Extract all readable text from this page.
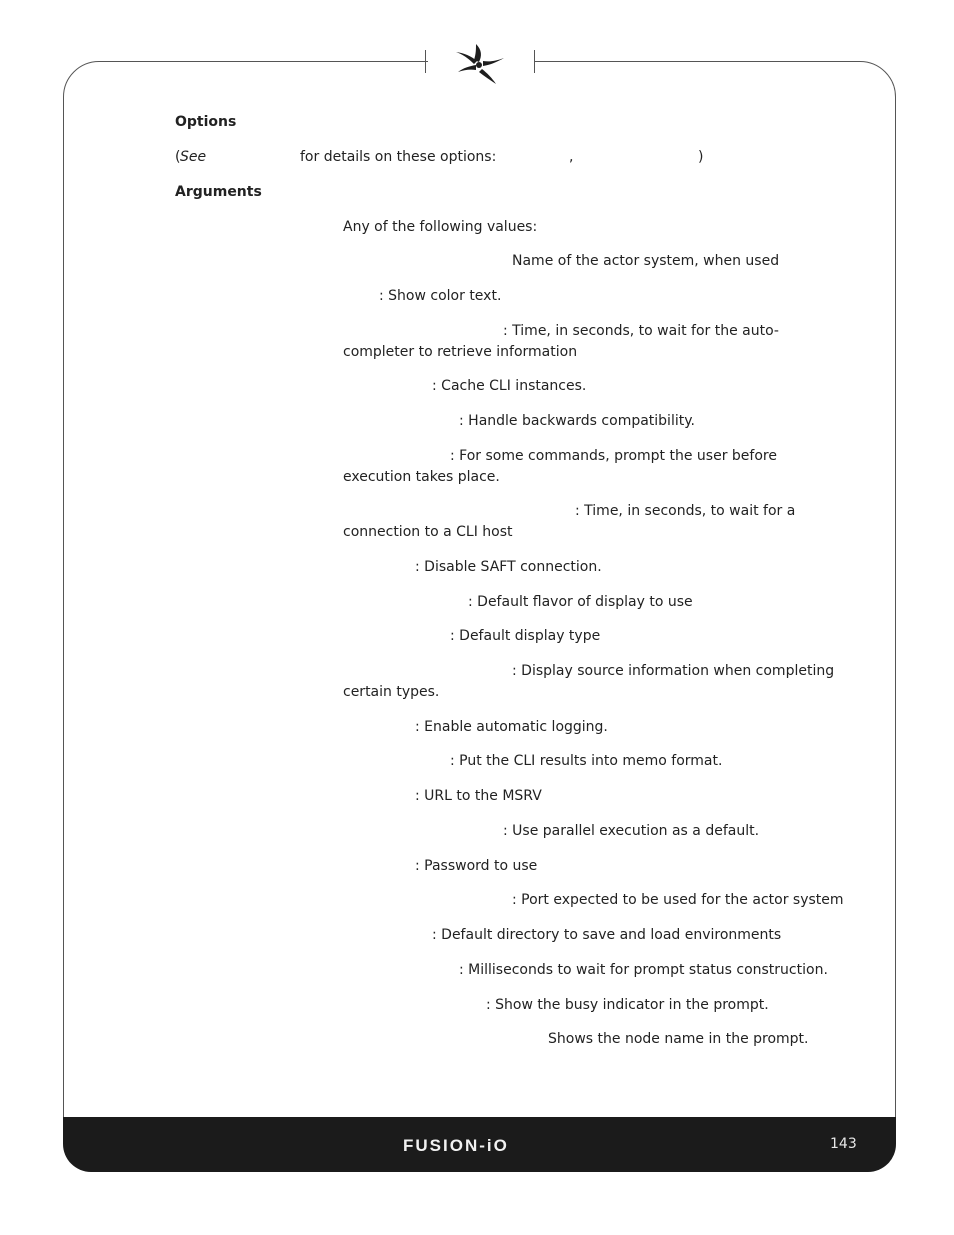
Options
( See	for details on these options:	,	)
Arguments
Any of the following values:
Name of the actor system, when used
: Show color text.
: Time, in seconds, to wait for the auto-
completer to retrieve information
: Cache CLI instances.
: Handle backwards compatibility.
: For some commands, prompt the user before
execution takes place.
: Time, in seconds, to wait for a
connection to a CLI host
: Disable SAFT connection.
: Default flavor of display to use
: Default display type
: Display source information when completing
certain types.
: Enable automatic logging.
: Put the CLI results into memo format.
: URL to the MSRV
: Use parallel execution as a default.
: Password to use
: Port expected to be used for the actor system
: Default directory to save and load environments
: Milliseconds to wait for prompt status construction.
: Show the busy indicator in the prompt.
Shows the node name in the prompt.
FUSION-iO	143
